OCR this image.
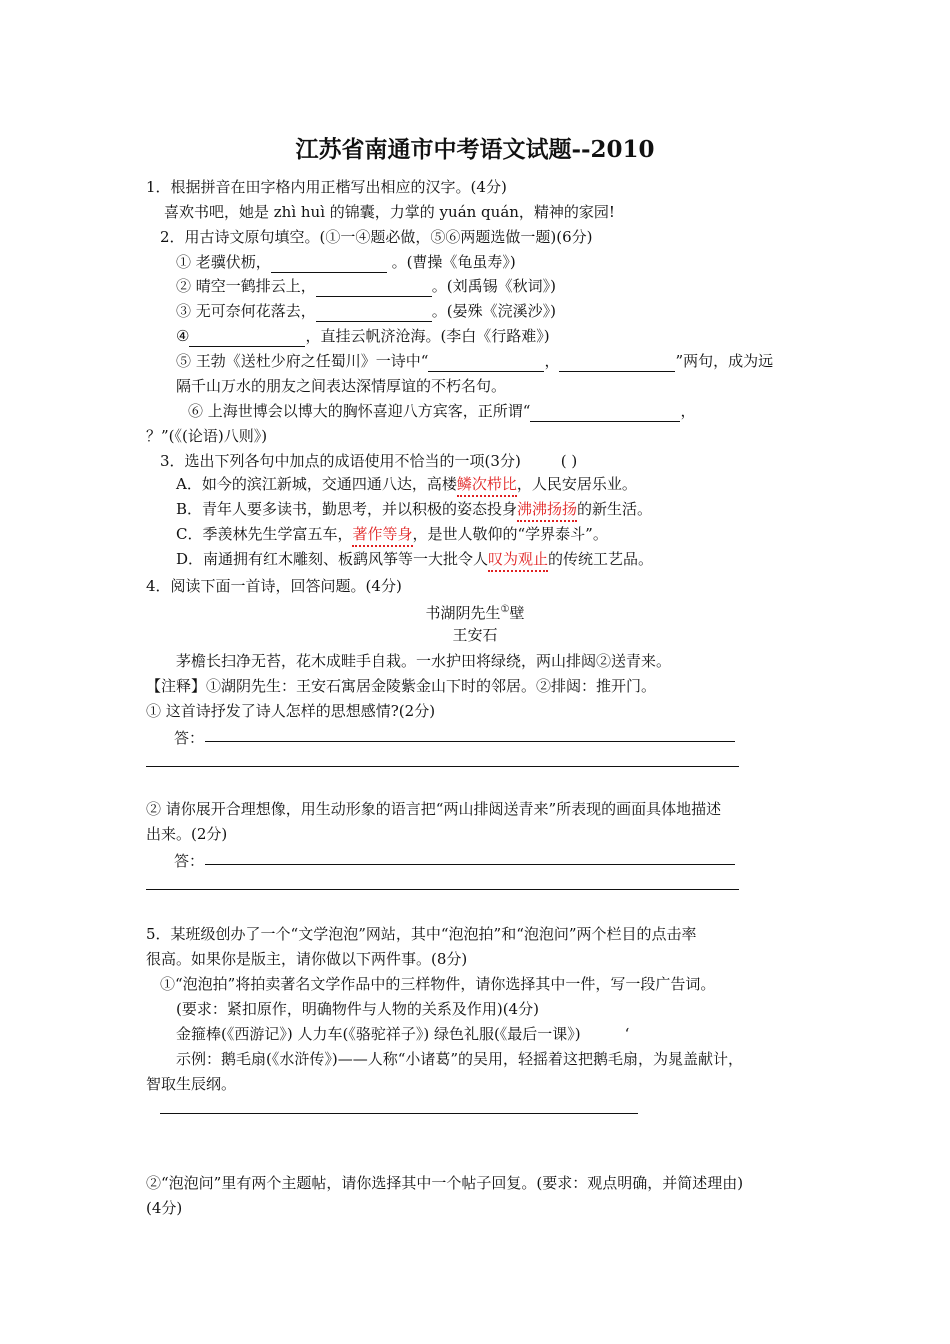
江苏省南通市中考语文试题--2010
1．根据拼音在田字格内用正楷写出相应的汉字。(4分)
喜欢书吧，她是 zhì huì 的锦囊，力掌的 yuán quán，精神的家园!
2．用古诗文原句填空。(①一④题必做，⑤⑥两题选做一题)(6分)
① 老骥伏枥，	。(曹操《龟虽寿》)
② 晴空一鹤排云上，	。(刘禹锡《秋词》)
③ 无可奈何花落去，	。(晏殊《浣溪沙》)
④	，直挂云帆济沧海。(李白《行路难》)
⑤ 王勃《送杜少府之任蜀川》一诗中“	，	”两句，成为远
隔千山万水的朋友之间表达深情厚谊的不朽名句。
⑥ 上海世博会以博大的胸怀喜迎八方宾客，正所谓“	，
？”(《(论语)八则》)
3．选出下列各句中加点的成语使用不恰当的一项(3分)	( )
A．如今的滨江新城，交通四通八达，高楼鳞次栉比，人民安居乐业。
B．青年人要多读书，勤思考，并以积极的姿态投身沸沸扬扬的新生活。
C．季羡林先生学富五车，著作等身，是世人敬仰的“学界泰斗”。
D．南通拥有红木雕刻、板鹞风筝等一大批令人叹为观止的传统工艺品。
4．阅读下面一首诗，回答问题。(4分)
书湖阴先生①壁
王安石
茅檐长扫净无苔，花木成畦手自栽。一水护田将绿绕，两山排闼②送青来。
【注释】①湖阴先生：王安石寓居金陵紫金山下时的邻居。②排闼：推开门。
① 这首诗抒发了诗人怎样的思想感情?(2分)
答：
② 请你展开合理想像，用生动形象的语言把“两山排闼送青来”所表现的画面具体地描述
出来。(2分)
答：
5．某班级创办了一个“文学泡泡”网站，其中“泡泡拍”和“泡泡问”两个栏目的点击率
很高。如果你是版主，请你做以下两件事。(8分)
①“泡泡拍”将拍卖著名文学作品中的三样物件，请你选择其中一件，写一段广告词。
(要求：紧扣原作，明确物件与人物的关系及作用)(4分)
金箍棒(《西游记》) 人力车(《骆驼祥子》) 绿色礼服(《最后一课》)	‘
示例：鹅毛扇(《水浒传》)——人称“小诸葛”的吴用，轻摇着这把鹅毛扇，为晁盖献计，
智取生辰纲。
②“泡泡问”里有两个主题帖，请你选择其中一个帖子回复。(要求：观点明确，并简述理由)
(4分)
